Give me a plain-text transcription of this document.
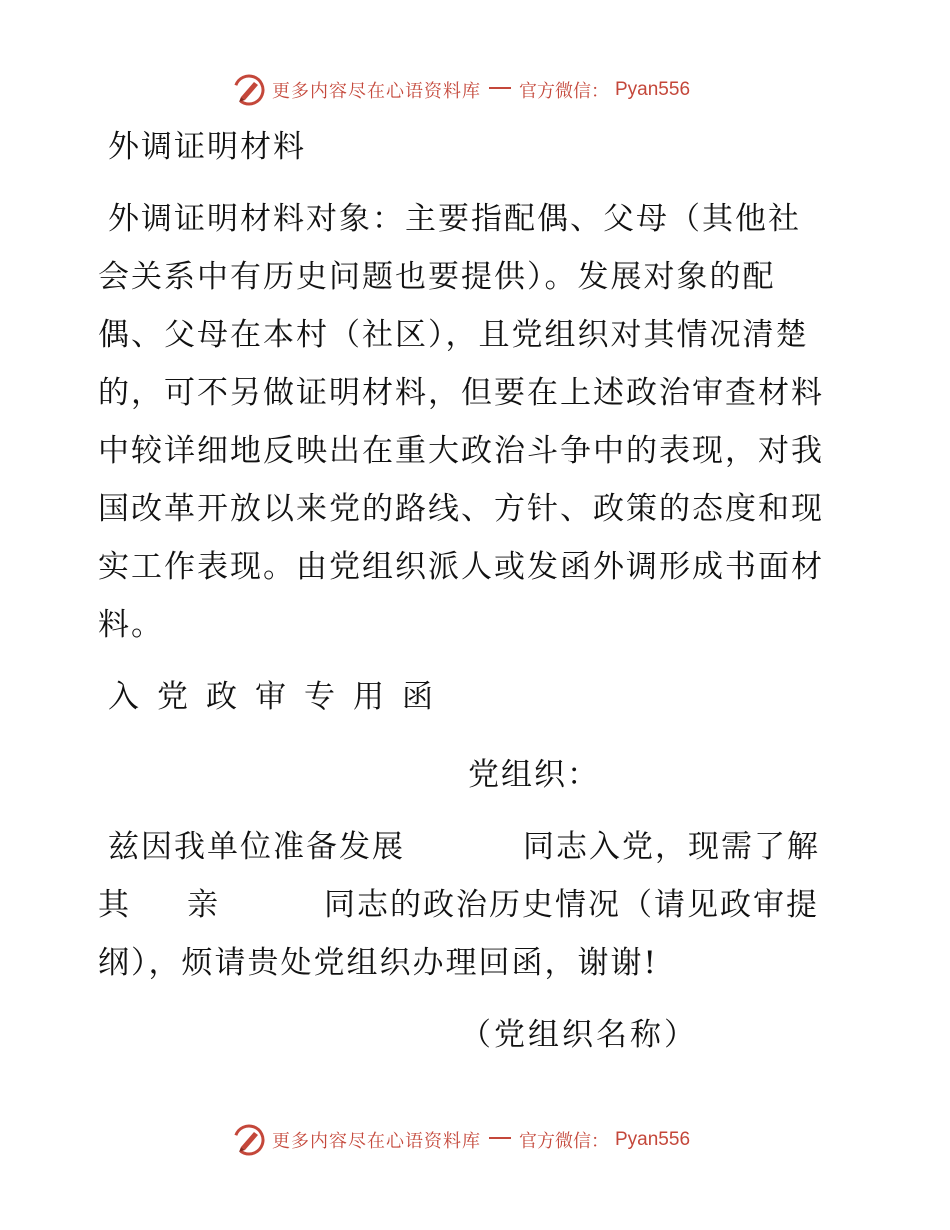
更多内容尽在心语资料库 官方微信： Pyan556
外调证明材料
外调证明材料对象：主要指配偶、父母（其他社
会关系中有历史问题也要提供）。发展对象的配
偶、父母在本村（社区），且党组织对其情况清楚
的，可不另做证明材料，但要在上述政治审查材料
中较详细地反映出在重大政治斗争中的表现，对我
国改革开放以来党的路线、方针、政策的态度和现
实工作表现。由党组织派人或发函外调形成书面材
料。
入党政审专用函
党组织：
兹因我单位准备发展	同志入党，现需了解
其 亲	同志的政治历史情况（请见政审提
纲），烦请贵处党组织办理回函，谢谢!
（党组织名称）
更多内容尽在心语资料库 官方微信： Pyan556
